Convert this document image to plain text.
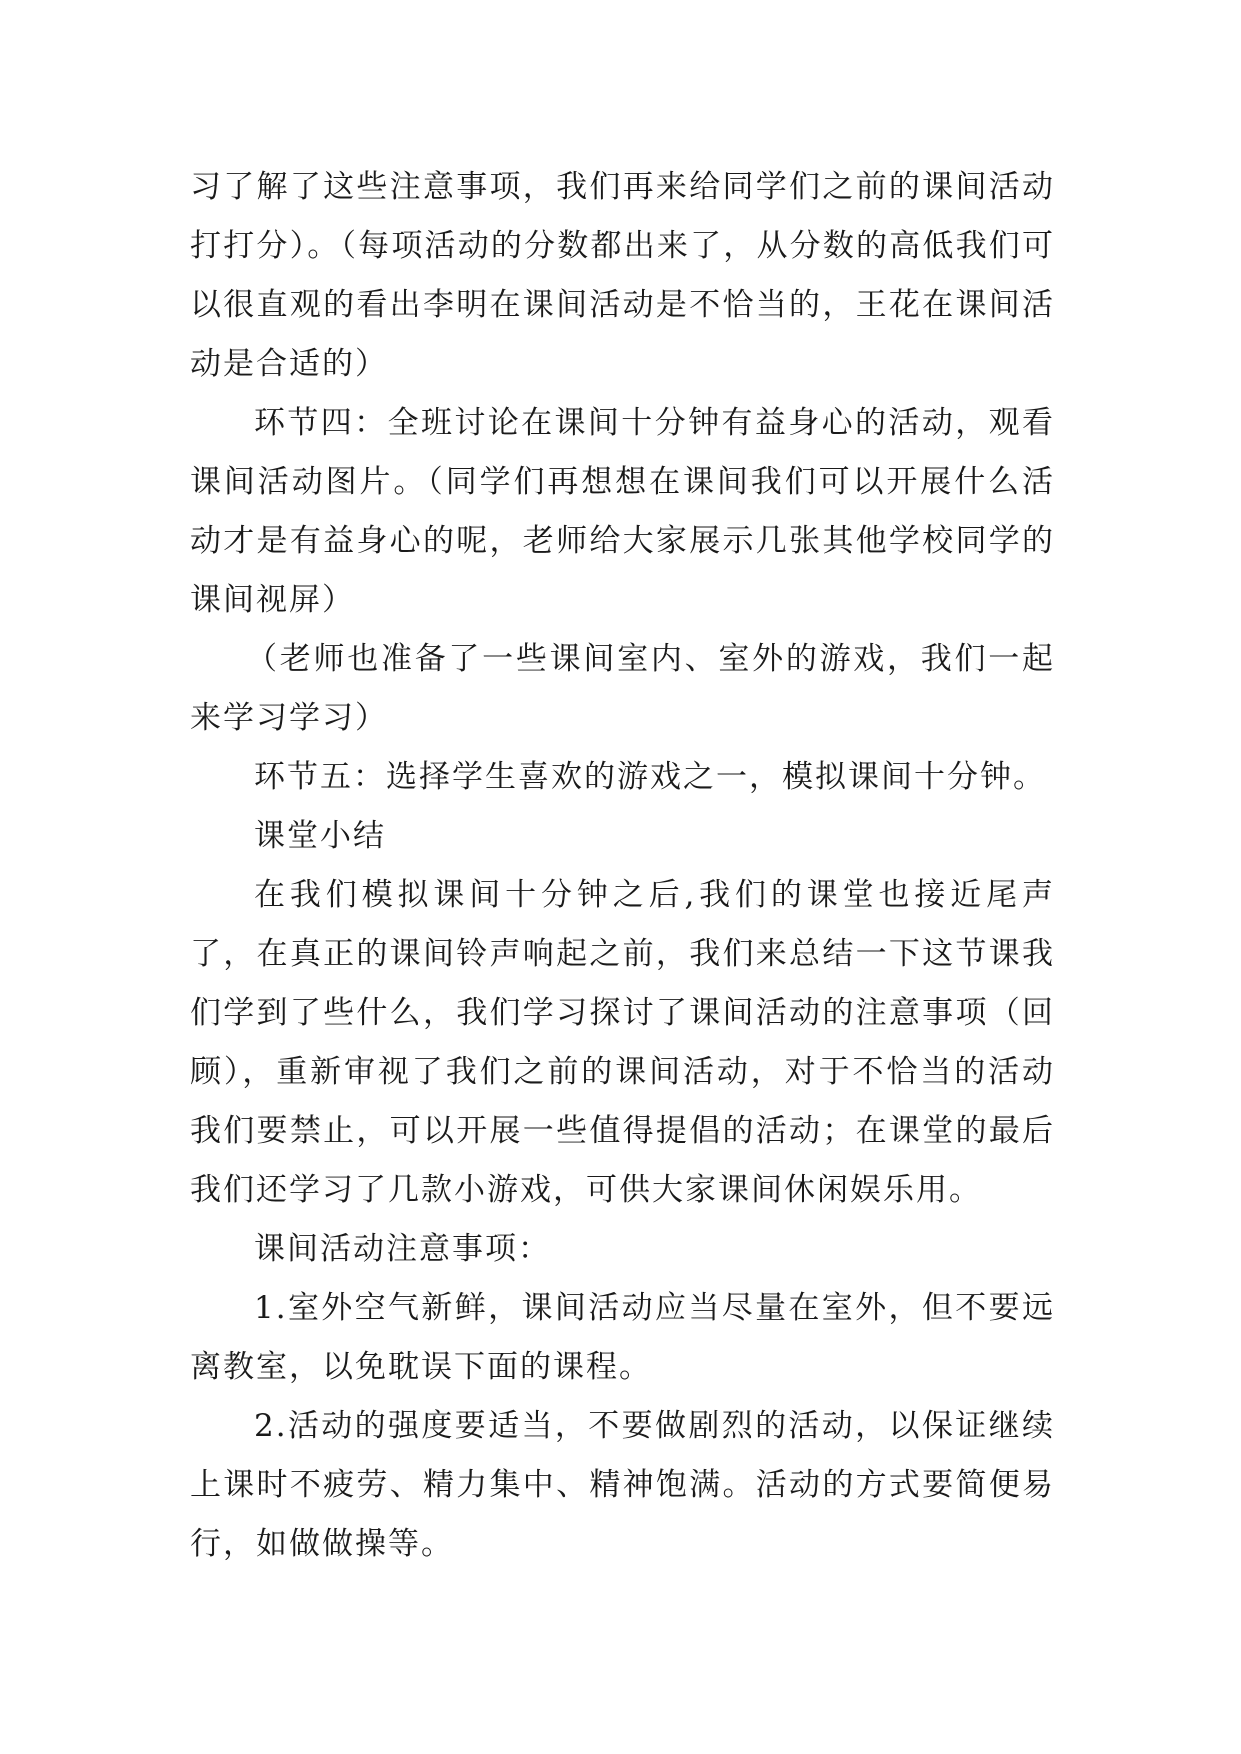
习了解了这些注意事项，我们再来给同学们之前的课间活动打打分）。（每项活动的分数都出来了，从分数的高低我们可以很直观的看出李明在课间活动是不恰当的，王花在课间活动是合适的）

环节四：全班讨论在课间十分钟有益身心的活动，观看课间活动图片。（同学们再想想在课间我们可以开展什么活动才是有益身心的呢，老师给大家展示几张其他学校同学的课间视屏）

（老师也准备了一些课间室内、室外的游戏，我们一起来学习学习）

环节五：选择学生喜欢的游戏之一，模拟课间十分钟。

课堂小结

在我们模拟课间十分钟之后,我们的课堂也接近尾声了，在真正的课间铃声响起之前，我们来总结一下这节课我们学到了些什么，我们学习探讨了课间活动的注意事项（回顾），重新审视了我们之前的课间活动，对于不恰当的活动我们要禁止，可以开展一些值得提倡的活动；在课堂的最后我们还学习了几款小游戏，可供大家课间休闲娱乐用。

课间活动注意事项：

1.室外空气新鲜，课间活动应当尽量在室外，但不要远离教室，以免耽误下面的课程。

2.活动的强度要适当，不要做剧烈的活动，以保证继续上课时不疲劳、精力集中、精神饱满。活动的方式要简便易行，如做做操等。
